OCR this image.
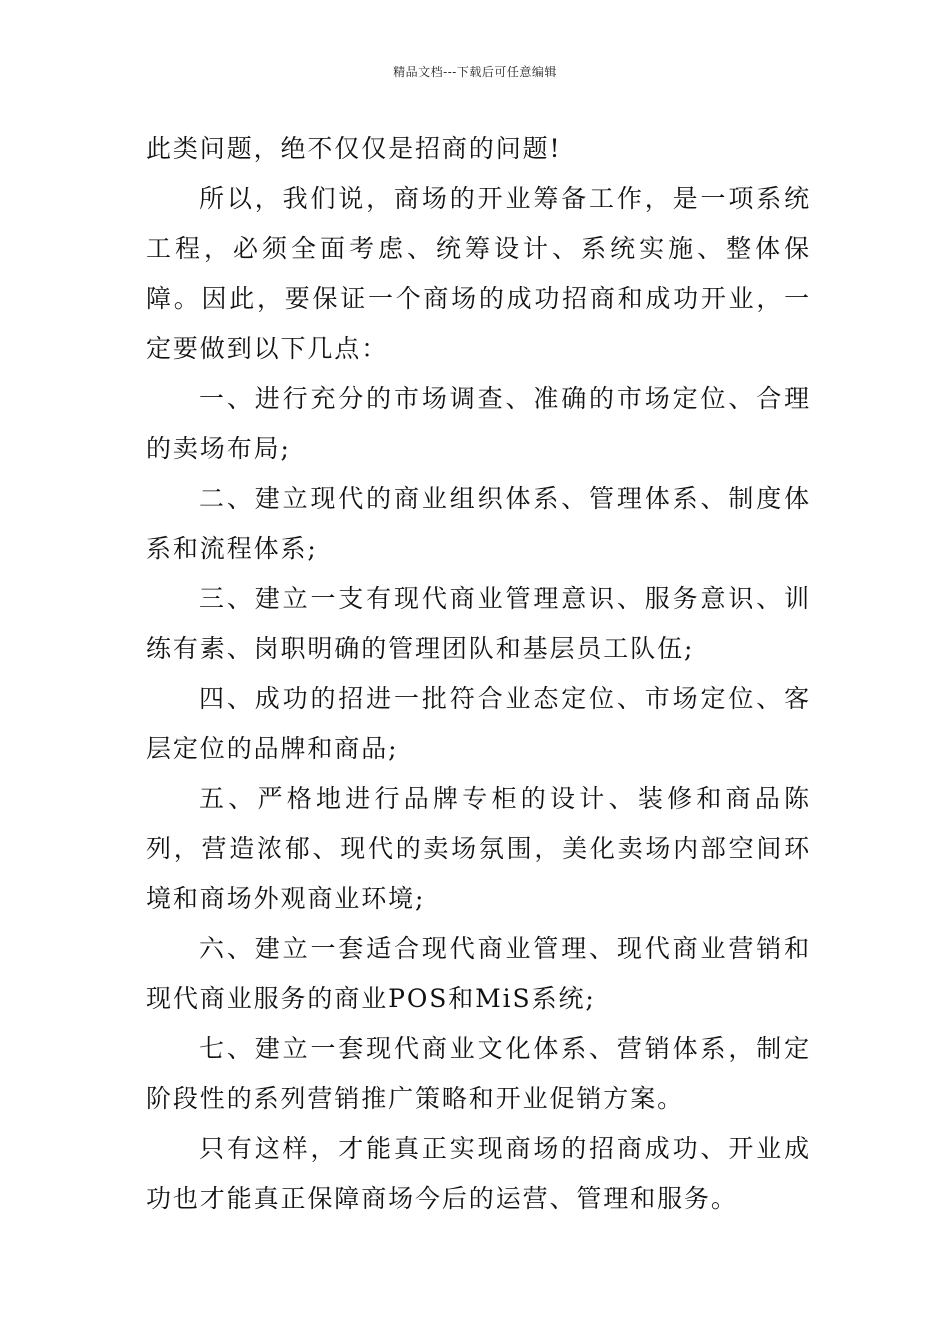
精品文档---下载后可任意编辑

此类问题，绝不仅仅是招商的问题!

所以，我们说，商场的开业筹备工作，是一项系统工程，必须全面考虑、统筹设计、系统实施、整体保障。因此，要保证一个商场的成功招商和成功开业，一定要做到以下几点：

一、进行充分的市场调查、准确的市场定位、合理的卖场布局;

二、建立现代的商业组织体系、管理体系、制度体系和流程体系;

三、建立一支有现代商业管理意识、服务意识、训练有素、岗职明确的管理团队和基层员工队伍;

四、成功的招进一批符合业态定位、市场定位、客层定位的品牌和商品;

五、严格地进行品牌专柜的设计、装修和商品陈列，营造浓郁、现代的卖场氛围，美化卖场内部空间环境和商场外观商业环境;

六、建立一套适合现代商业管理、现代商业营销和现代商业服务的商业POS和MiS系统;

七、建立一套现代商业文化体系、营销体系，制定阶段性的系列营销推广策略和开业促销方案。

只有这样，才能真正实现商场的招商成功、开业成功也才能真正保障商场今后的运营、管理和服务。
